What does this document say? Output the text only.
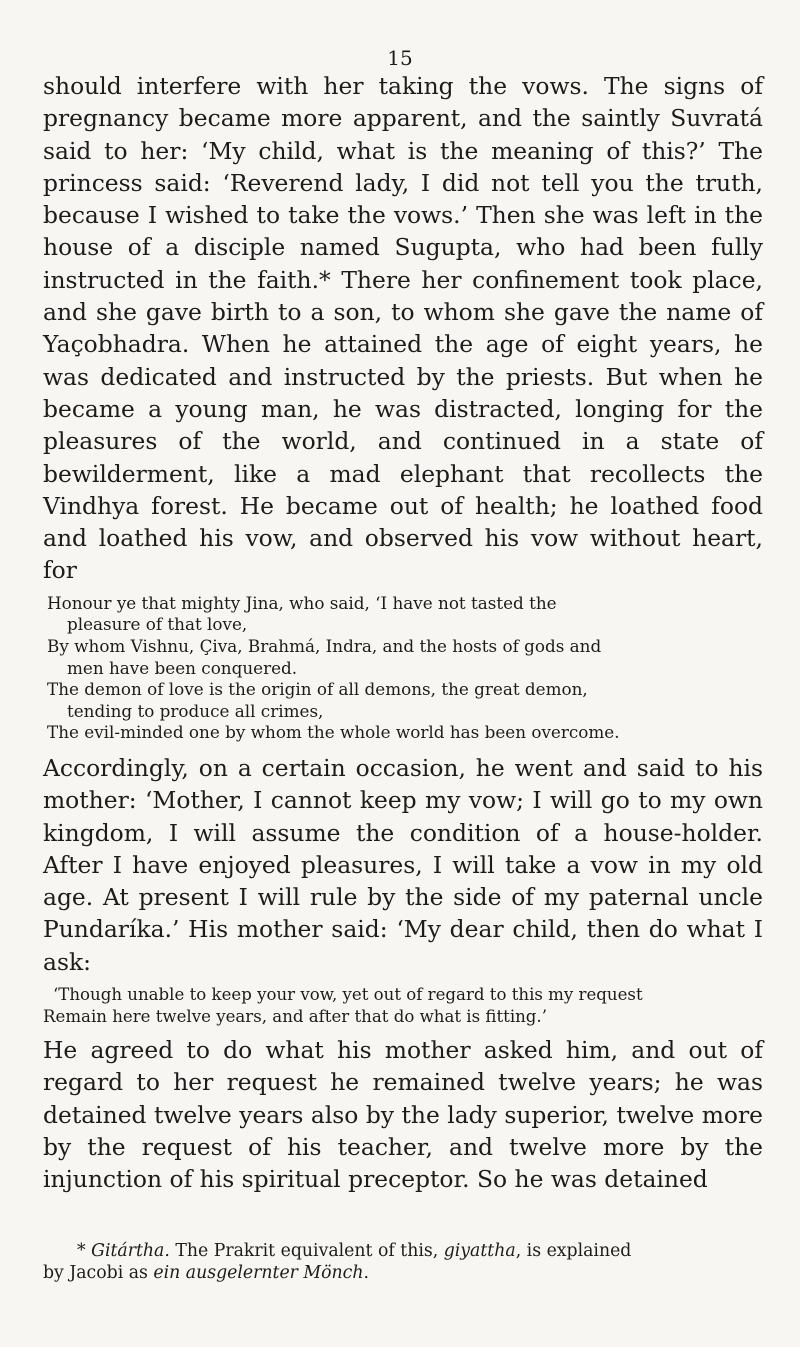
15

should interfere with her taking the vows. The signs of pregnancy became more apparent, and the saintly Suvratá said to her: ‘My child, what is the meaning of this?’ The princess said: ‘Reverend lady, I did not tell you the truth, because I wished to take the vows.’ Then she was left in the house of a disciple named Sugupta, who had been fully instructed in the faith.* There her confinement took place, and she gave birth to a son, to whom she gave the name of Yaçobhadra. When he attained the age of eight years, he was dedicated and instructed by the priests. But when he became a young man, he was distracted, longing for the pleasures of the world, and continued in a state of bewilderment, like a mad elephant that recollects the Vindhya forest. He became out of health; he loathed food and loathed his vow, and observed his vow without heart, for

Honour ye that mighty Jina, who said, ‘I have not tasted the
pleasure of that love,
By whom Vishnu, Çiva, Brahmá, Indra, and the hosts of gods and
men have been conquered.
The demon of love is the origin of all demons, the great demon,
tending to produce all crimes,
The evil-minded one by whom the whole world has been overcome.

Accordingly, on a certain occasion, he went and said to his mother: ‘Mother, I cannot keep my vow; I will go to my own kingdom, I will assume the condition of a house-holder. After I have enjoyed pleasures, I will take a vow in my old age. At present I will rule by the side of my paternal uncle Pundaríka.’ His mother said: ‘My dear child, then do what I ask:

‘Though unable to keep your vow, yet out of regard to this my request
Remain here twelve years, and after that do what is fitting.’

He agreed to do what his mother asked him, and out of regard to her request he remained twelve years; he was detained twelve years also by the lady superior, twelve more by the request of his teacher, and twelve more by the injunction of his spiritual preceptor. So he was detained

* Gitártha. The Prakrit equivalent of this, giyattha, is explained
by Jacobi as ein ausgelernter Mönch.
